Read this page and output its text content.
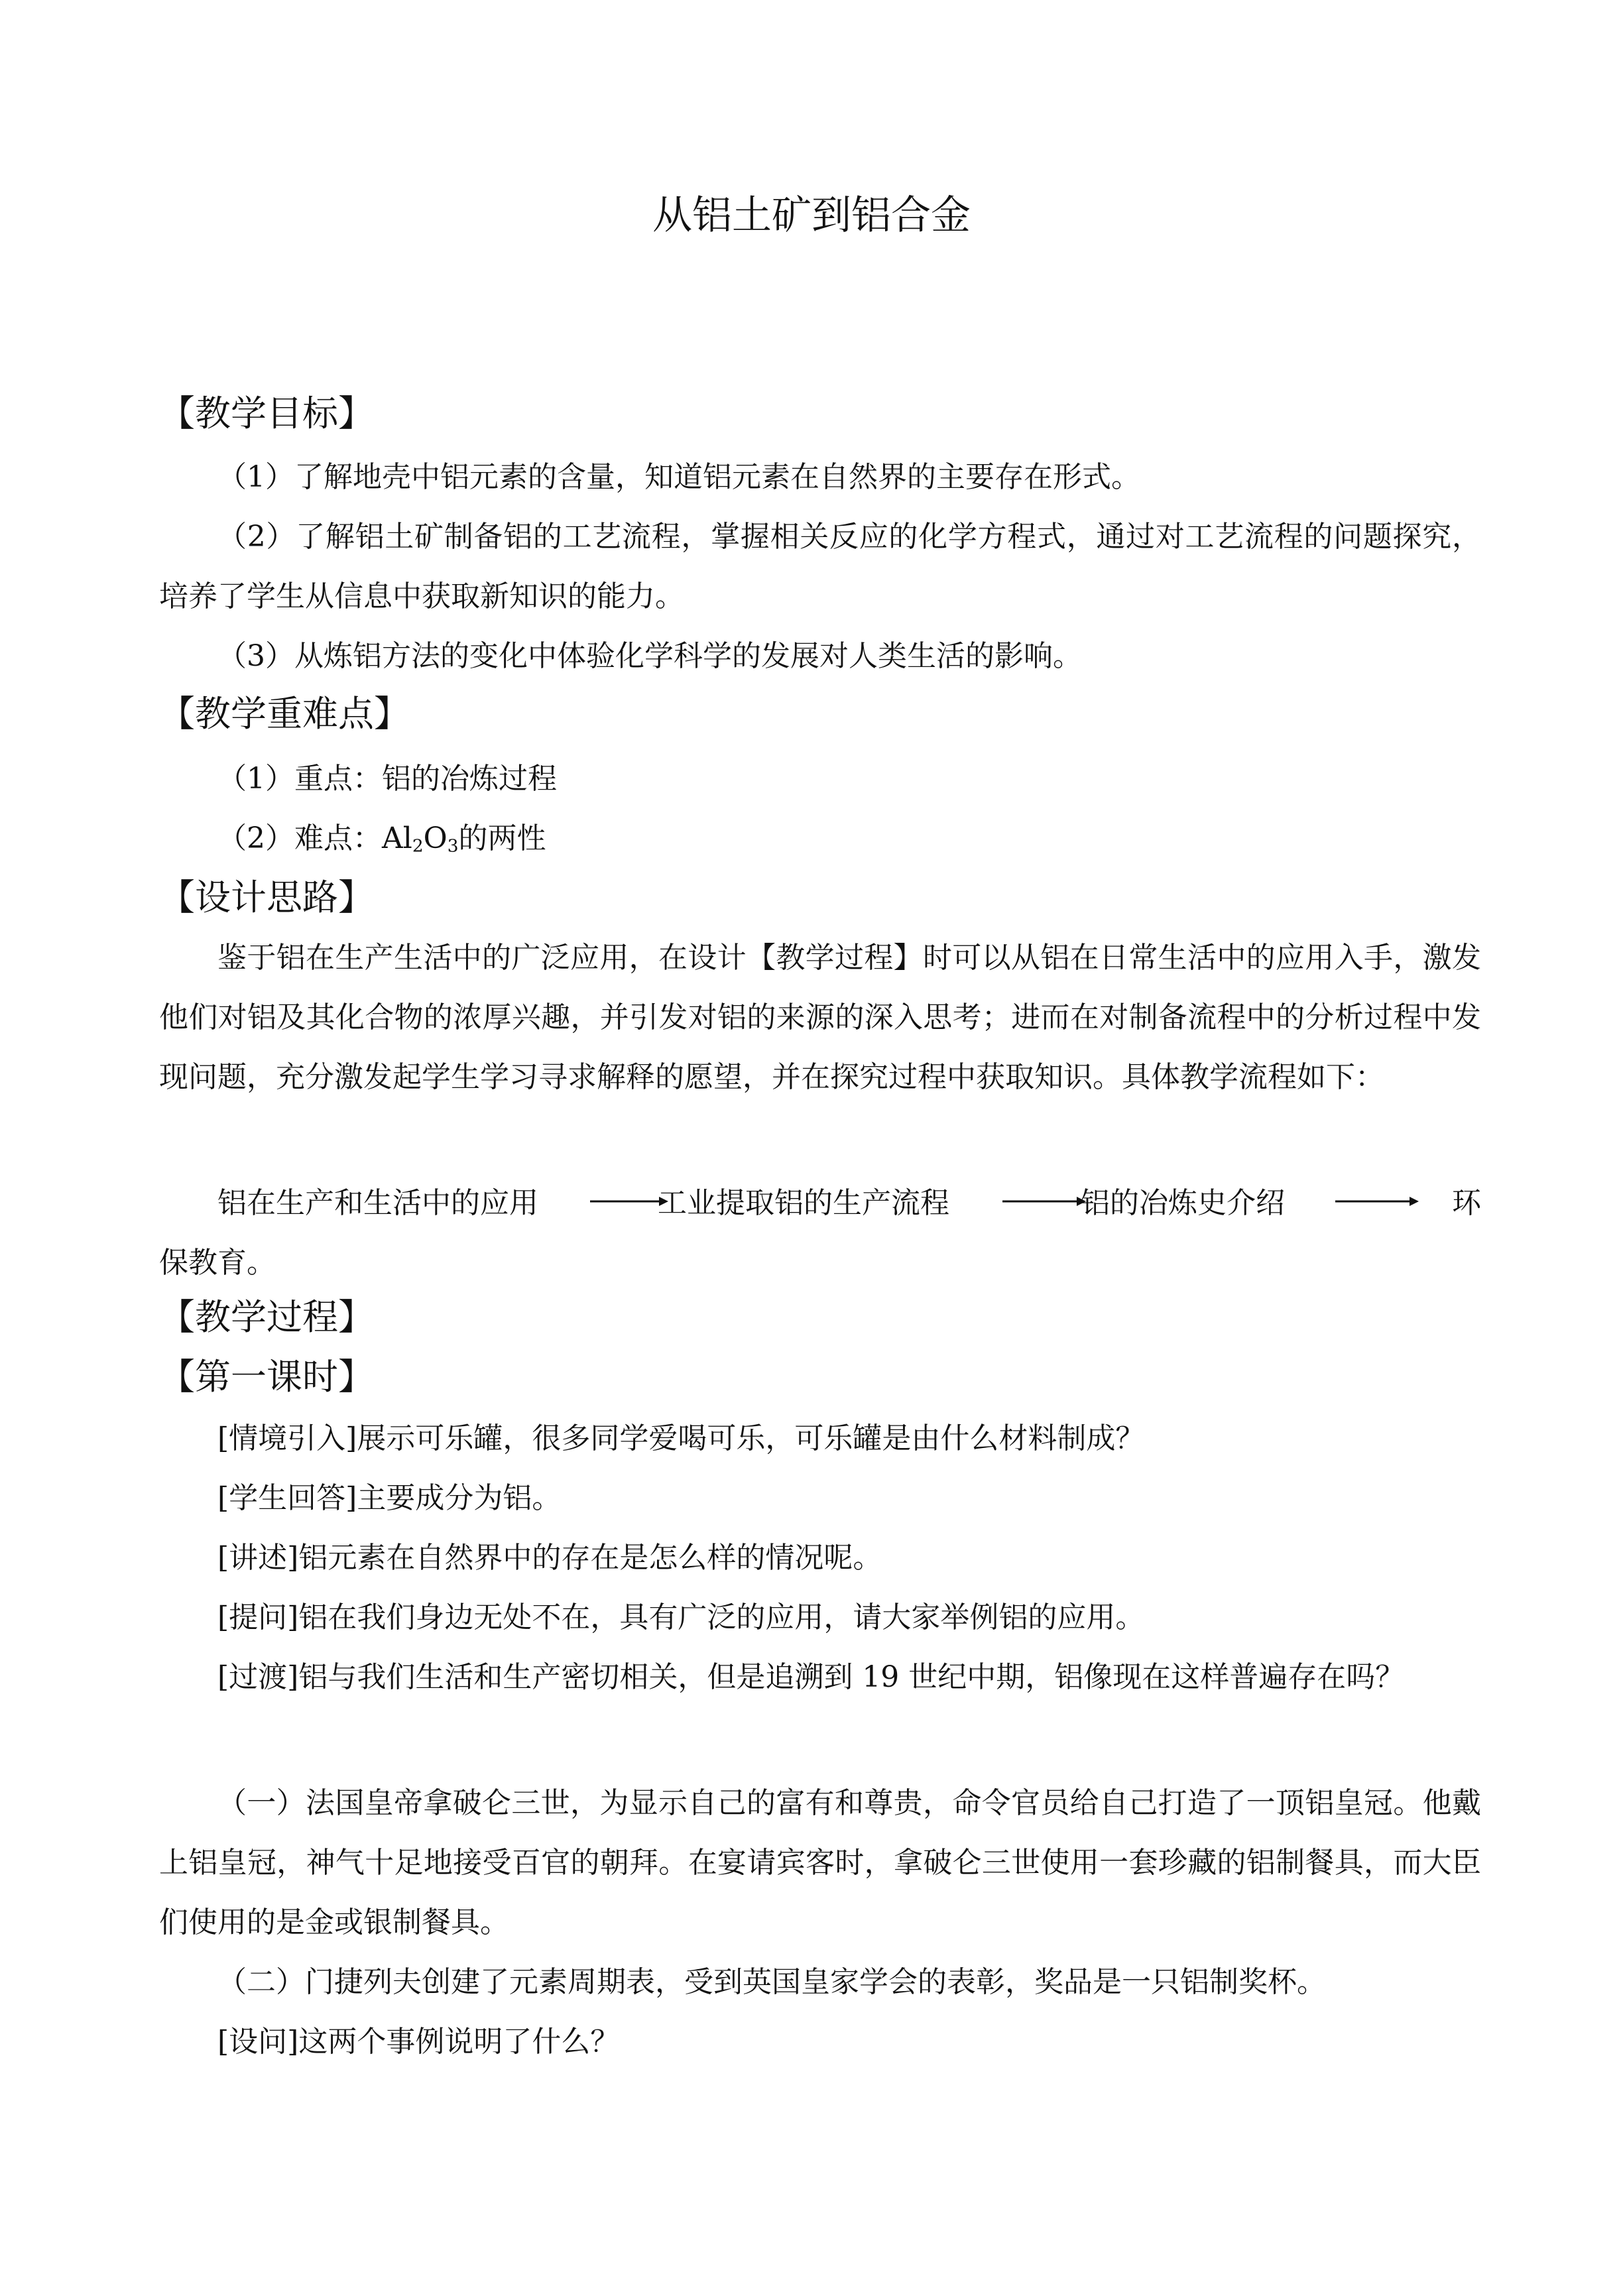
从铝土矿到铝合金
【教学目标】

（1）了解地壳中铝元素的含量，知道铝元素在自然界的主要存在形式。

（2）了解铝土矿制备铝的工艺流程，掌握相关反应的化学方程式，通过对工艺流程的问题探究，培养了学生从信息中获取新知识的能力。

（3）从炼铝方法的变化中体验化学科学的发展对人类生活的影响。

【教学重难点】

（1）重点：铝的冶炼过程

（2）难点：$Al_2O_3$的两性

【设计思路】

鉴于铝在生产生活中的广泛应用，在设计【教学过程】时可以从铝在日常生活中的应用入手，激发他们对铝及其化合物的浓厚兴趣，并引发对铝的来源的深入思考；进而在对制备流程中的分析过程中发现问题，充分激发起学生学习寻求解释的愿望，并在探究过程中获取知识。具体教学流程如下：

铝在生产和生活中的应用	工业提取铝的生产流程	铝的冶炼史介绍	环
保教育。
【教学过程】
【第一课时】

[情境引入]展示可乐罐，很多同学爱喝可乐，可乐罐是由什么材料制成？

[学生回答]主要成分为铝。

[讲述]铝元素在自然界中的存在是怎么样的情况呢。

[提问]铝在我们身边无处不在，具有广泛的应用，请大家举例铝的应用。

[过渡]铝与我们生活和生产密切相关，但是追溯到 19 世纪中期，铝像现在这样普遍存在吗？

（一）法国皇帝拿破仑三世，为显示自己的富有和尊贵，命令官员给自己打造了一顶铝皇冠。他戴上铝皇冠，神气十足地接受百官的朝拜。在宴请宾客时，拿破仑三世使用一套珍藏的铝制餐具，而大臣们使用的是金或银制餐具。

（二）门捷列夫创建了元素周期表，受到英国皇家学会的表彰，奖品是一只铝制奖杯。

[设问]这两个事例说明了什么？
